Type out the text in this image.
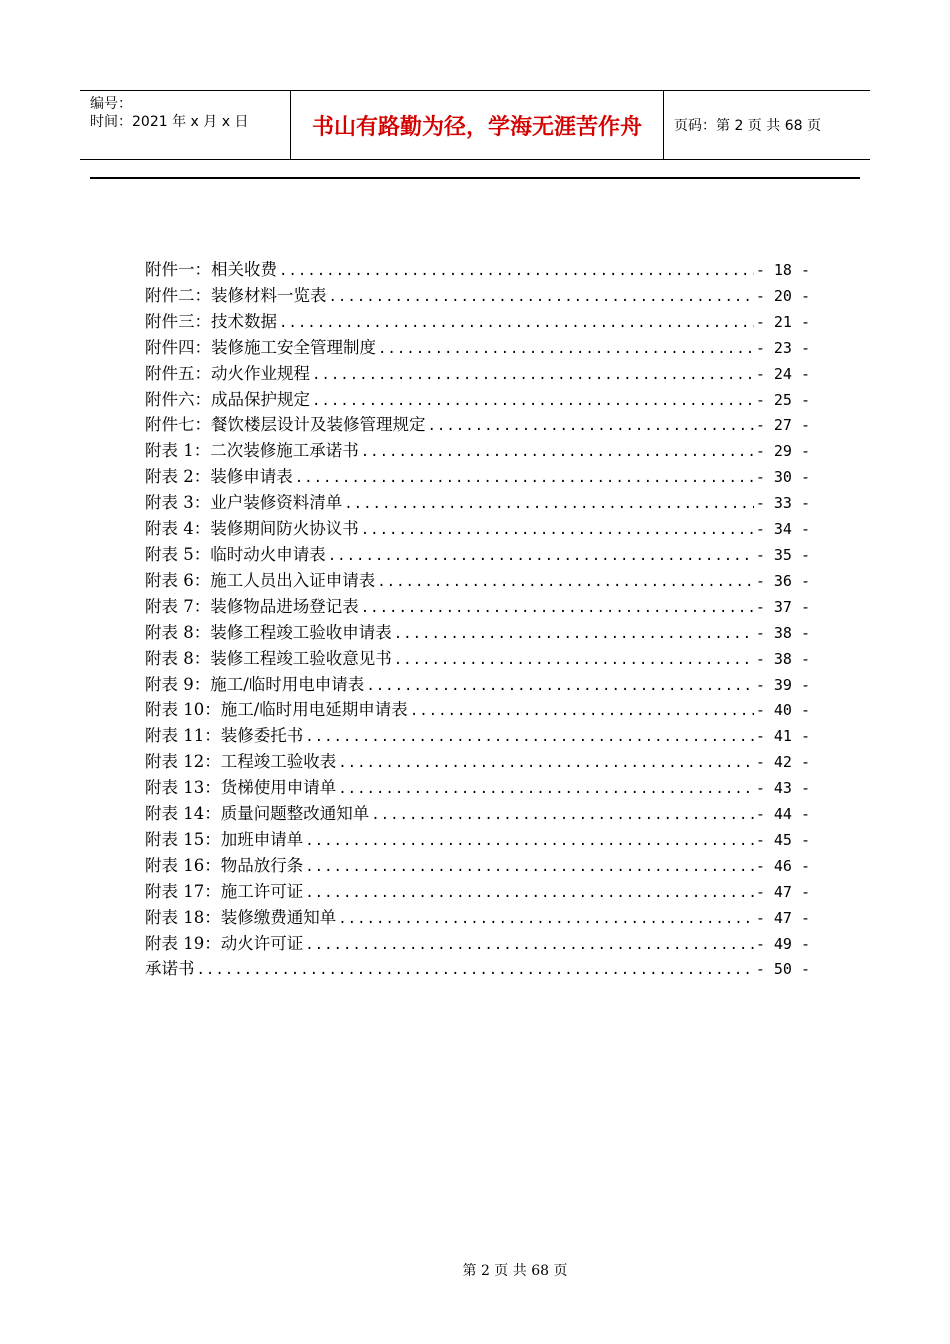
编号：
时间：2021 年 x 月 x 日	书山有路勤为径，学海无涯苦作舟	页码：第 2 页 共 68 页
附件一：相关收费 .....	- 18 -
附件二：装修材料一览表 .....	- 20 -
附件三：技术数据 .....	- 21 -
附件四：装修施工安全管理制度 .....	- 23 -
附件五：动火作业规程 .....	- 24 -
附件六：成品保护规定 .....	- 25 -
附件七：餐饮楼层设计及装修管理规定 .....	- 27 -
附表 1：二次装修施工承诺书 .....	- 29 -
附表 2：装修申请表 .....	- 30 -
附表 3：业户装修资料清单 .....	- 33 -
附表 4：装修期间防火协议书 .....	- 34 -
附表 5：临时动火申请表 .....	- 35 -
附表 6：施工人员出入证申请表 .....	- 36 -
附表 7：装修物品进场登记表 .....	- 37 -
附表 8：装修工程竣工验收申请表 .....	- 38 -
附表 8：装修工程竣工验收意见书 .....	- 38 -
附表 9：施工/临时用电申请表 .....	- 39 -
附表 10：施工/临时用电延期申请表 .....	- 40 -
附表 11：装修委托书 .....	- 41 -
附表 12：工程竣工验收表 .....	- 42 -
附表 13：货梯使用申请单 .....	- 43 -
附表 14：质量问题整改通知单 .....	- 44 -
附表 15：加班申请单 .....	- 45 -
附表 16：物品放行条 .....	- 46 -
附表 17：施工许可证 .....	- 47 -
附表 18：装修缴费通知单 .....	- 47 -
附表 19：动火许可证 .....	- 49 -
承诺书 .....	- 50 -
第 2 页 共 68 页
